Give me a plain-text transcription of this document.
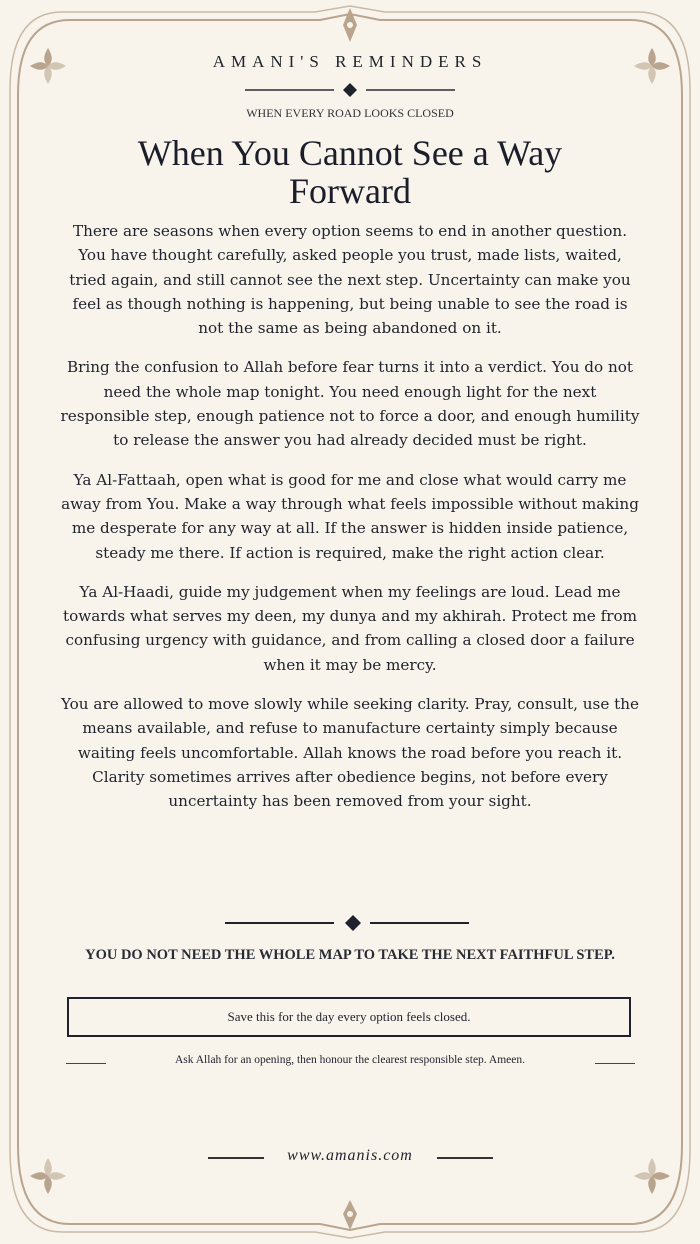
AMANI'S REMINDERS
WHEN EVERY ROAD LOOKS CLOSED
When You Cannot See a Way Forward

There are seasons when every option seems to end in another question. You have thought carefully, asked people you trust, made lists, waited, tried again, and still cannot see the next step. Uncertainty can make you feel as though nothing is happening, but being unable to see the road is not the same as being abandoned on it.

Bring the confusion to Allah before fear turns it into a verdict. You do not need the whole map tonight. You need enough light for the next responsible step, enough patience not to force a door, and enough humility to release the answer you had already decided must be right.

Ya Al-Fattaah, open what is good for me and close what would carry me away from You. Make a way through what feels impossible without making me desperate for any way at all. If the answer is hidden inside patience, steady me there. If action is required, make the right action clear.

Ya Al-Haadi, guide my judgement when my feelings are loud. Lead me towards what serves my deen, my dunya and my akhirah. Protect me from confusing urgency with guidance, and from calling a closed door a failure when it may be mercy.

You are allowed to move slowly while seeking clarity. Pray, consult, use the means available, and refuse to manufacture certainty simply because waiting feels uncomfortable. Allah knows the road before you reach it. Clarity sometimes arrives after obedience begins, not before every uncertainty has been removed from your sight.

YOU DO NOT NEED THE WHOLE MAP TO TAKE THE NEXT FAITHFUL STEP.
Save this for the day every option feels closed.
Ask Allah for an opening, then honour the clearest responsible step. Ameen.
www.amanis.com
